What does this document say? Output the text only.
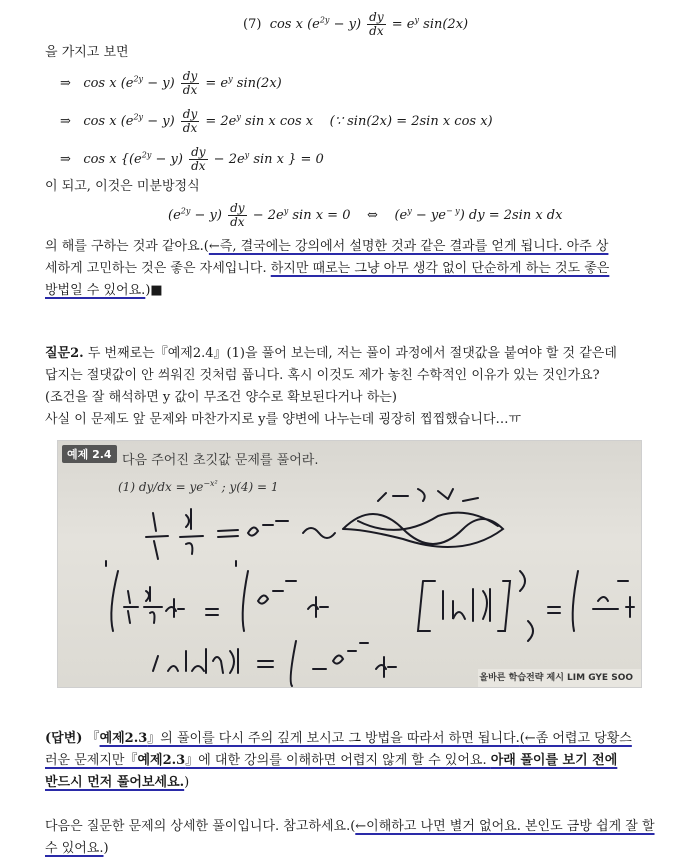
(7) cos x $(e^{2y} - y) \frac{dy}{dx} = e^y$ sin(2x)
을 가지고 보면
⇒ cos x $(e^{2y} - y) \frac{dy}{dx} = e^y$ sin(2x)
⇒ cos x $(e^{2y} - y) \frac{dy}{dx} = 2e^y$ sin x cos x (∵ sin(2x) = 2sin x cos x)
⇒ cos x {$(e^{2y} - y) \frac{dy}{dx} - 2e^y$ sin x } = 0
이 되고, 이것은 미분방정식
$(e^{2y} - y) \frac{dy}{dx} - 2e^y$ sin x = 0 ⇔ $(e^y - ye^{- y})$ dy = 2sin x dx
의 해를 구하는 것과 같아요.(←즉, 결국에는 강의에서 설명한 것과 같은 결과를 얻게 됩니다. 아주 상
세하게 고민하는 것은 좋은 자세입니다. 하지만 때로는 그냥 아무 생각 없이 단순하게 하는 것도 좋은
방법일 수 있어요.)■
질문2. 두 번째로는『예제2.4』(1)을 풀어 보는데, 저는 풀이 과정에서 절댓값을 붙여야 할 것 같은데
답지는 절댓값이 안 씌워진 것처럼 풉니다. 혹시 이것도 제가 놓친 수학적인 이유가 있는 것인가요?
(조건을 잘 해석하면 y 값이 무조건 양수로 확보된다거나 하는)
사실 이 문제도 앞 문제와 마찬가지로 y를 양변에 나누는데 굉장히 찝찝했습니다…ㅠ
예제 2.4 다음 주어진 초깃값 문제를 풀어라.
(1) $dy/dx = ye^{-x^2}$ ; y(4) = 1
올바른 학습전략 제시 LIM GYE SOO
(답변) 『예제2.3』의 풀이를 다시 주의 깊게 보시고 그 방법을 따라서 하면 됩니다.(←좀 어렵고 당황스
러운 문제지만『예제2.3』에 대한 강의를 이해하면 어렵지 않게 할 수 있어요. 아래 풀이를 보기 전에
반드시 먼저 풀어보세요.)
다음은 질문한 문제의 상세한 풀이입니다. 참고하세요.(←이해하고 나면 별거 없어요. 본인도 금방 쉽게 잘 할
수 있어요.)
